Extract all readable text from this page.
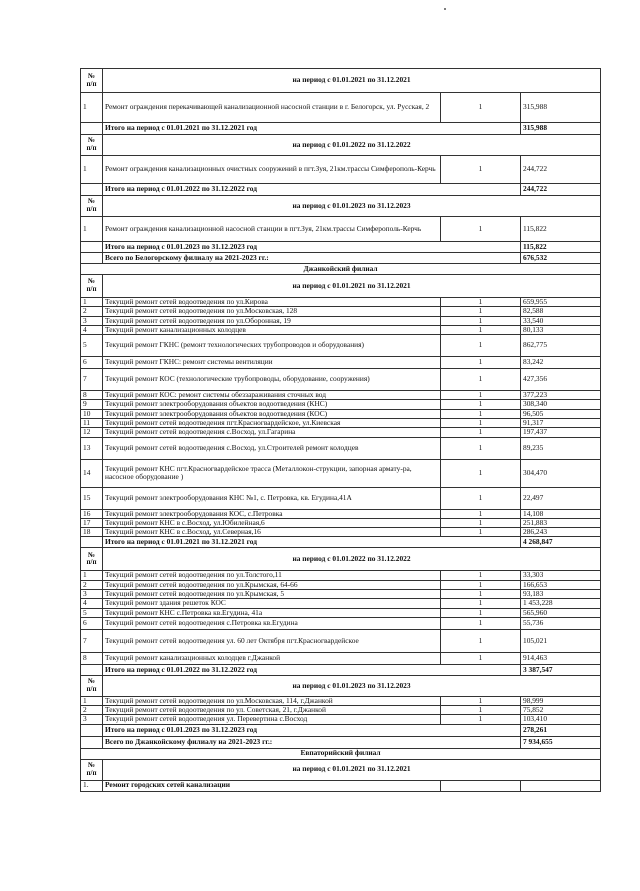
№
п/п	на период с 01.01.2021 по 31.12.2021		
1	Ремонт ограждения перекачивающей канализационной насосной станции в г. Белогорск, ул. Русская, 2	1	315,988
	Итого на период с 01.01.2021 по 31.12.2021 год		315,988

№
п/п	на период с 01.01.2022 по 31.12.2022		
1	Ремонт ограждения канализационных очистных сооружений в пгт.Зуя, 21км.трассы Симферополь-Керчь	1	244,722
	Итого на период с 01.01.2022 по 31.12.2022 год		244,722

№
п/п	на период с 01.01.2023 по 31.12.2023		
1	Ремонт ограждения канализационной насосной станции в пгт.Зуя, 21км.трассы Симферополь-Керчь	1	115,822
	Итого на период с 01.01.2023 по 31.12.2023 год		115,822
	Всего по Белогорскому филиалу на 2021-2023 гг.:		676,532
Джанкойский филиал			

№
п/п	на период с 01.01.2021 по 31.12.2021		
1	Текущий ремонт сетей водоотведения по ул.Кирова	1	659,955
2	Текущий ремонт сетей водоотведения по ул.Московская, 128	1	82,588
3	Текущий ремонт сетей водоотведения по ул.Оборонная, 19	1	33,540
4	Текущий ремонт канализационных колодцев	1	80,133
5	Текущий ремонт ГКНС (ремонт технологических трубопроводов и оборудования)	1	862,775
6	Текущий ремонт ГКНС: ремонт системы вентиляции	1	83,242
7	Текущий ремонт КОС (технологические трубопроводы, оборудование, сооружения)	1	427,356
8	Текущий ремонт КОС: ремонт системы обеззараживания сточных вод	1	377,223
9	Текущий ремонт электрооборудования объектов водоотведения (КНС)	1	308,340
10	Текущий ремонт электрооборудования объектов водоотведения (КОС)	1	96,505
11	Текущий ремонт сетей водоотведения пгт.Красногвардейское, ул.Киевская	1	91,317
12	Текущий ремонт сетей водоотведения с.Восход, ул.Гагарина	1	197,437
13	Текущий ремонт сетей водоотведения с.Восход, ул.Строителей ремонт колодцев	1	89,235
14	Текущий ремонт КНС пгт.Красногвардейское трасса (Металлокон-струкции, запорная армату-ра, насосное оборудование )	1	304,470
15	Текущий ремонт электрооборудования КНС №1, с. Петровка, кв. Егудина,41А	1	22,497
16	Текущий ремонт электрооборудования КОС, с.Петровка	1	14,108
17	Текущий ремонт КНС в с.Восход, ул.Юбилейная,6	1	251,883
18	Текущий ремонт КНС в с.Восход, ул.Северная,16	1	286,243
	Итого на период с 01.01.2021 по 31.12.2021 год		4 268,847

№
п/п	на период с 01.01.2022 по 31.12.2022		
1	Текущий ремонт сетей водоотведения по ул.Толстого,11	1	33,303
2	Текущий ремонт сетей водоотведения по ул.Крымская, 64-66	1	166,653
3	Текущий ремонт сетей водоотведения по ул.Крымская, 5	1	93,183
4	Текущий ремонт здания решеток КОС	1	1 453,228
5	Текущий ремонт КНС с.Петровка кв.Егудина, 41а	1	565,960
6	Текущий ремонт сетей водоотведения с.Петровка кв.Егудина	1	55,736
7	Текущий ремонт сетей водоотведения ул. 60 лет Октября пгт.Красногвардейское	1	105,021
8	Текущий ремонт канализационных колодцев г.Джанкой	1	914,463
	Итого на период с 01.01.2022 по 31.12.2022 год		3 387,547

№
п/п	на период с 01.01.2023 по 31.12.2023		
1	Текущий ремонт сетей водоотведения по ул.Московская, 114, г.Джанкой	1	98,999
2	Текущий ремонт сетей водоотведения по ул. Советская, 21, г.Джанкой	1	75,852
3	Текущий ремонт сетей водоотведения ул. Перевертина с.Восход	1	103,410
	Итого на период с 01.01.2023 по 31.12.2023 год		278,261
	Всего по Джанкойскому филиалу на 2021-2023 гг.:		7 934,655
Евпаторийский филиал			

№
п/п	на период с 01.01.2021 по 31.12.2021		
1.	Ремонт городских сетей канализации		
